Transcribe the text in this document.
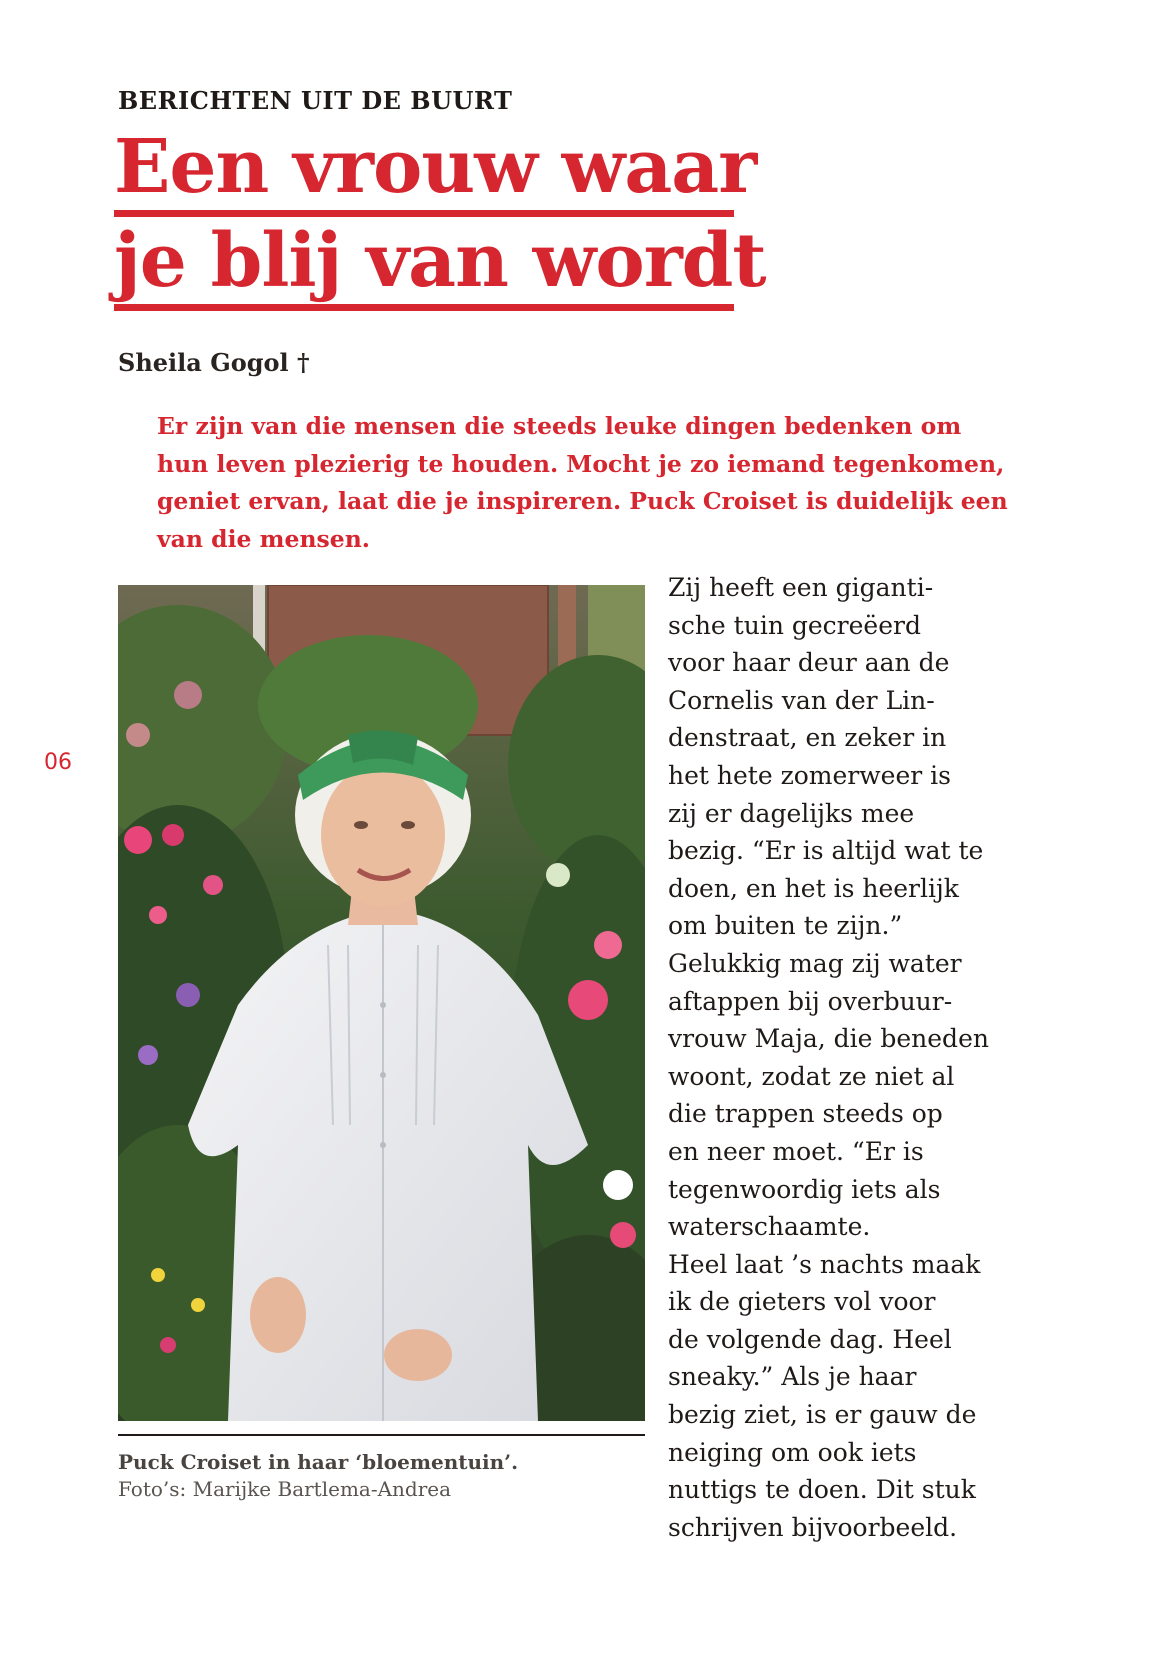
BERICHTEN UIT DE BUURT

Een vrouw waar
je blij van wordt

Sheila Gogol †

Er zijn van die mensen die steeds leuke dingen bedenken om hun leven plezierig te houden. Mocht je zo iemand tegenkomen, geniet ervan, laat die je inspireren. Puck Croiset is duidelijk een van die mensen.

06

Puck Croiset in haar ‘bloementuin’.

Foto’s: Marijke Bartlema-Andrea

Zij heeft een giganti-
sche tuin gecreëerd
voor haar deur aan de
Cornelis van der Lin-
denstraat, en zeker in
het hete zomerweer is
zij er dagelijks mee
bezig. “Er is altijd wat te
doen, en het is heerlijk
om buiten te zijn.”
Gelukkig mag zij water
aftappen bij overbuur-
vrouw Maja, die beneden
woont, zodat ze niet al
die trappen steeds op
en neer moet. “Er is
tegenwoordig iets als
waterschaamte.
Heel laat ’s nachts maak
ik de gieters vol voor
de volgende dag. Heel
sneaky.” Als je haar
bezig ziet, is er gauw de
neiging om ook iets
nuttigs te doen. Dit stuk
schrijven bijvoorbeeld.
